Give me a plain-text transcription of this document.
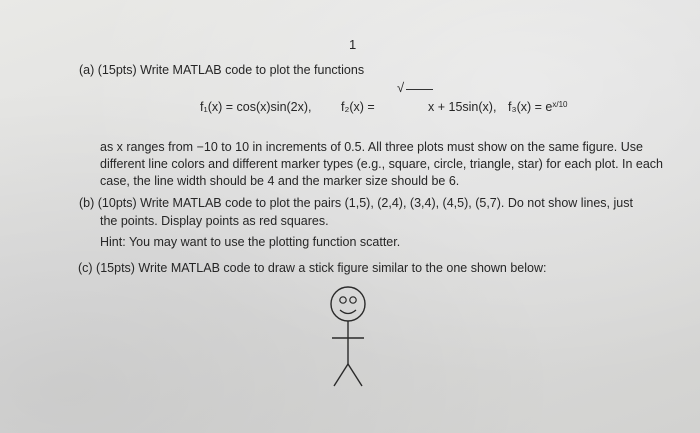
1
(a) (15pts) Write MATLAB code to plot the functions
√
f₁(x) = cos(x)sin(2x), f₂(x) =	x + 15sin(x), $f_3(x) = e^{x/10}$
as x ranges from −10 to 10 in increments of 0.5. All three plots must show on the same figure. Use
different line colors and different marker types (e.g., square, circle, triangle, star) for each plot. In each
case, the line width should be 4 and the marker size should be 6.
(b) (10pts) Write MATLAB code to plot the pairs (1,5), (2,4), (3,4), (4,5), (5,7). Do not show lines, just
the points. Display points as red squares.
Hint: You may want to use the plotting function scatter.
(c) (15pts) Write MATLAB code to draw a stick figure similar to the one shown below:
